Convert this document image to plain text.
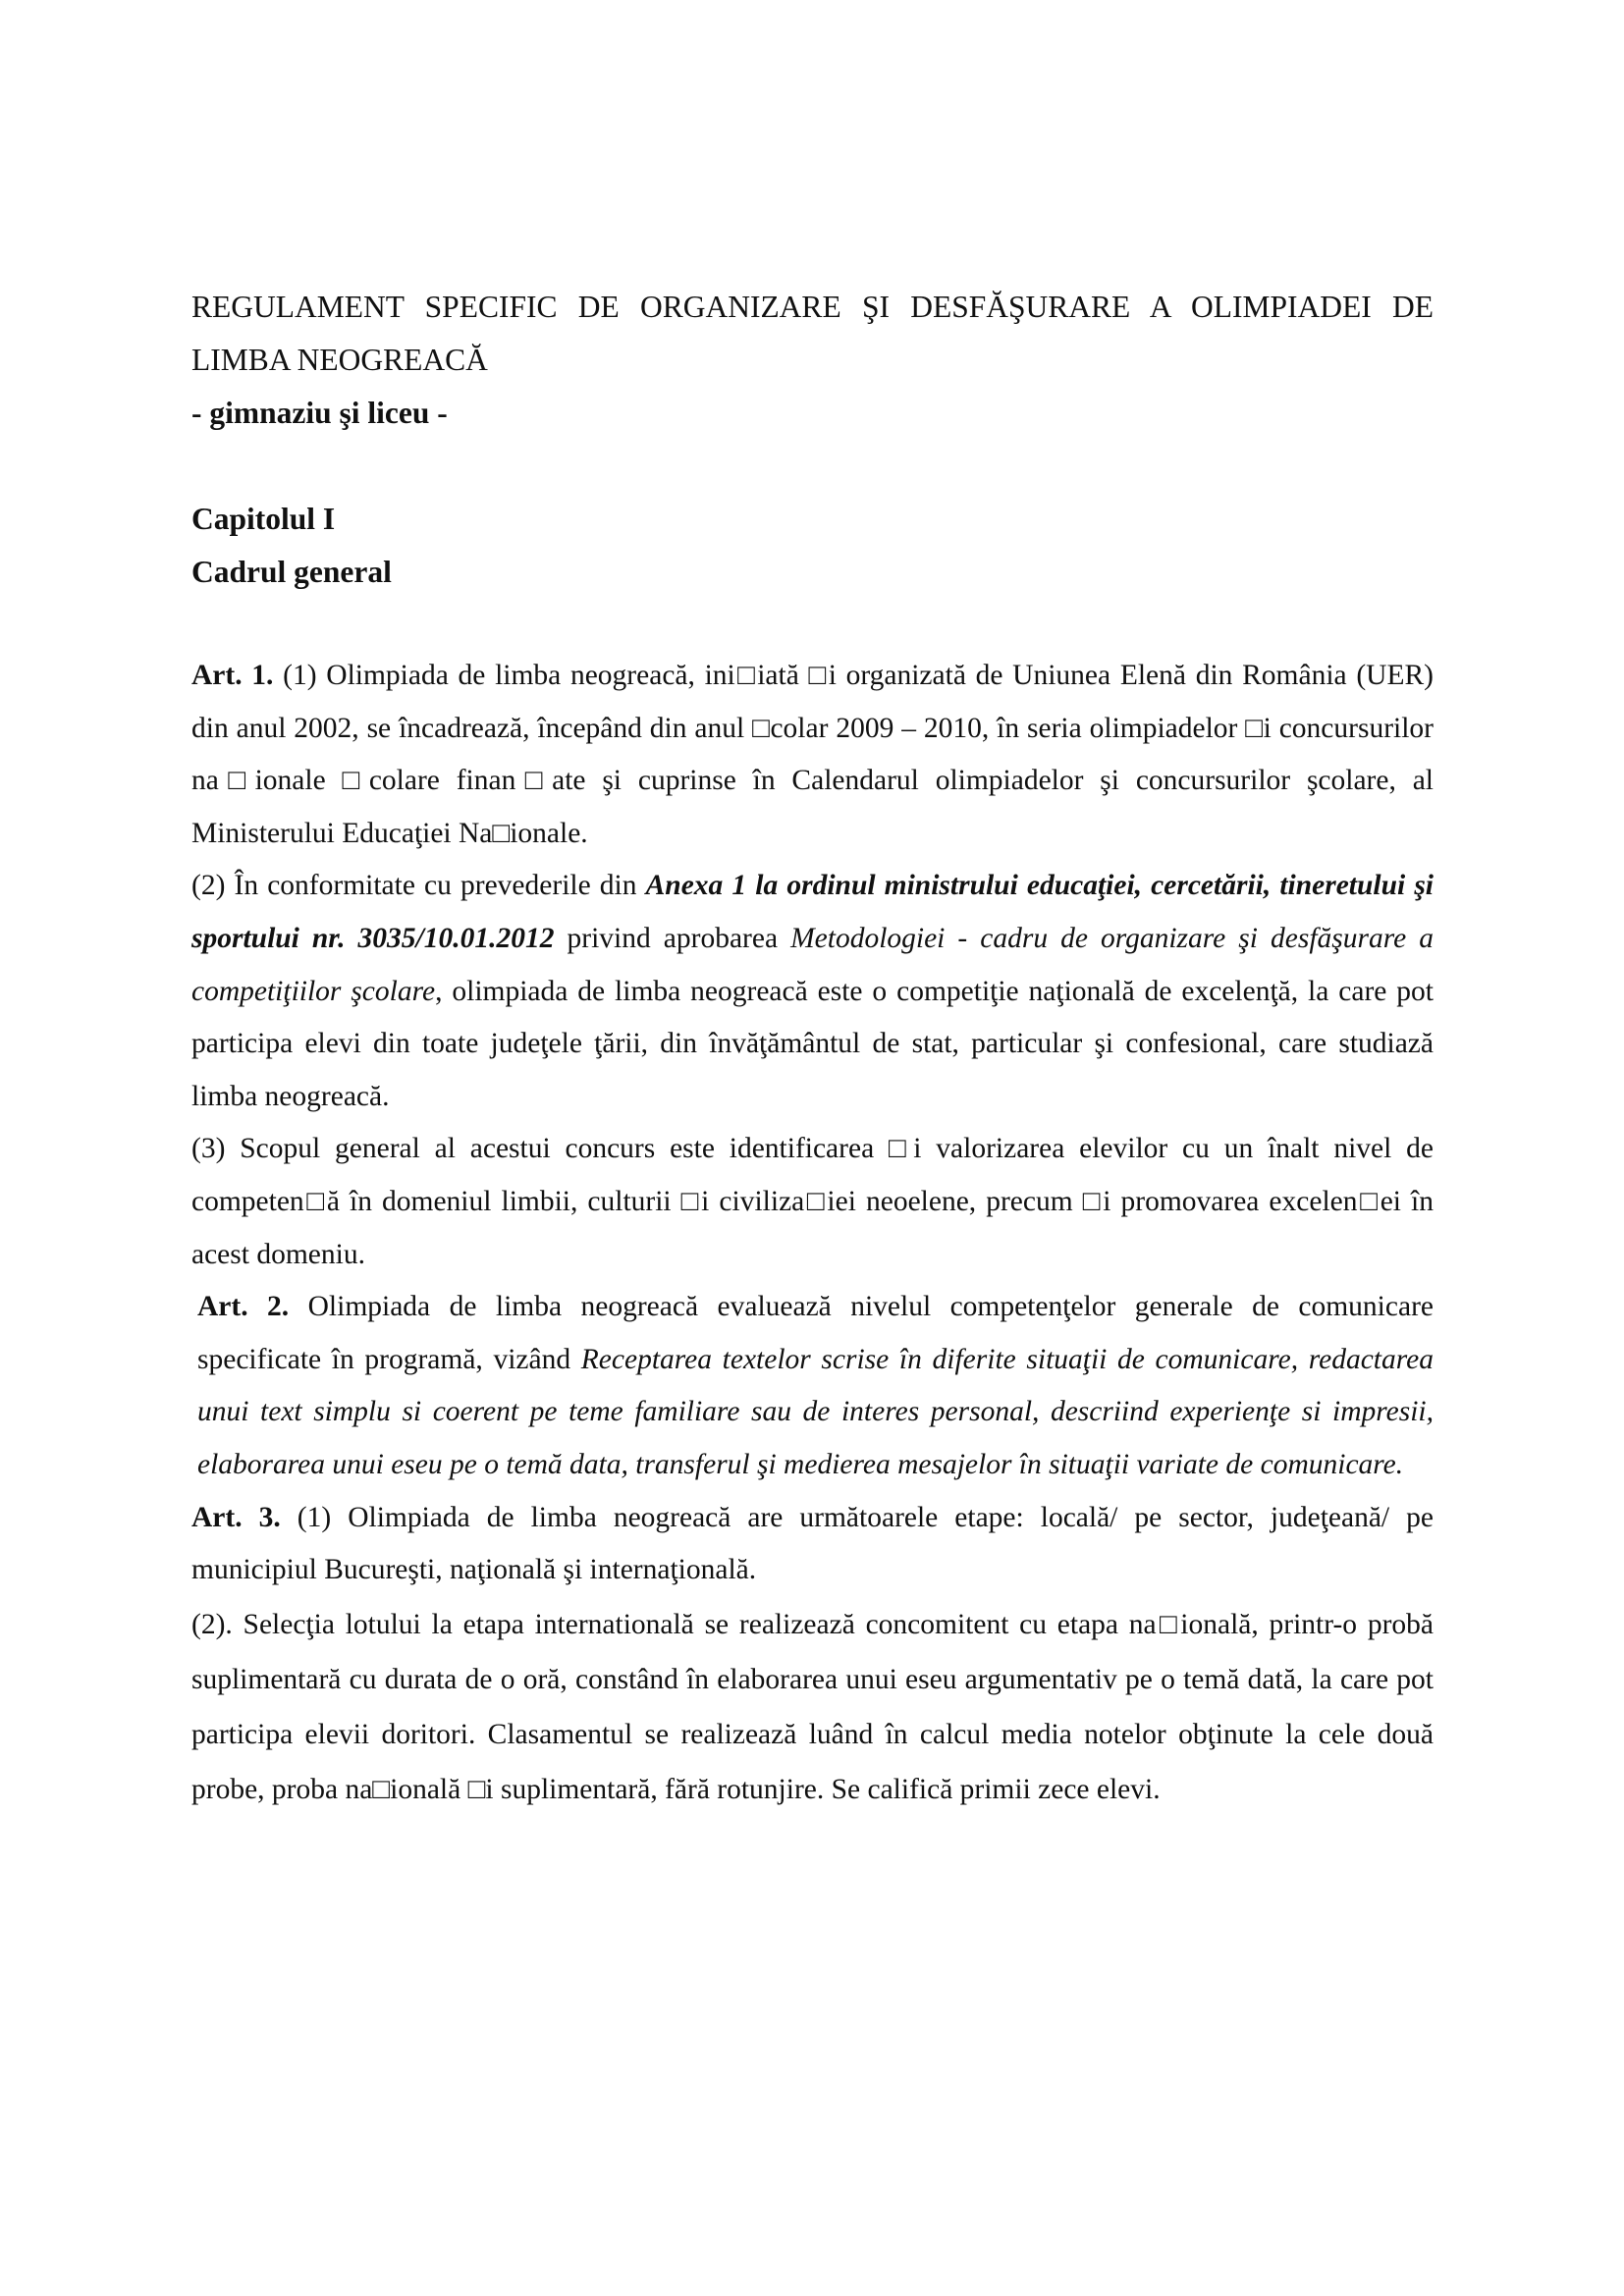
REGULAMENT SPECIFIC DE ORGANIZARE ŞI DESFĂŞURARE A OLIMPIADEI DE LIMBA NEOGREACĂ
- gimnaziu şi liceu -
Capitolul I
Cadrul general

Art. 1. (1) Olimpiada de limba neogreacă, ini□iată □i organizată de Uniunea Elenă din România (UER) din anul 2002, se încadrează, începând din anul □colar 2009 – 2010, în seria olimpiadelor □i concursurilor na□ionale □colare finan□ate şi cuprinse în Calendarul olimpiadelor şi concursurilor şcolare, al Ministerului Educaţiei Na□ionale.

(2) În conformitate cu prevederile din Anexa 1 la ordinul ministrului educaţiei, cercetării, tineretului şi sportului nr. 3035/10.01.2012 privind aprobarea Metodologiei - cadru de organizare şi desfăşurare a competiţiilor şcolare, olimpiada de limba neogreacă este o competiţie naţională de excelenţă, la care pot participa elevi din toate judeţele ţării, din învăţământul de stat, particular şi confesional, care studiază limba neogreacă.

(3) Scopul general al acestui concurs este identificarea □i valorizarea elevilor cu un înalt nivel de competen□ă în domeniul limbii, culturii □i civiliza□iei neoelene, precum □i promovarea excelen□ei în acest domeniu.

Art. 2. Olimpiada de limba neogreacă evaluează nivelul competenţelor generale de comunicare specificate în programă, vizând Receptarea textelor scrise în diferite situaţii de comunicare, redactarea unui text simplu si coerent pe teme familiare sau de interes personal, descriind experienţe si impresii, elaborarea unui eseu pe o temă data, transferul şi medierea mesajelor în situaţii variate de comunicare.

Art. 3. (1) Olimpiada de limba neogreacă are următoarele etape: locală/ pe sector, judeţeană/ pe municipiul Bucureşti, naţională şi internaţională.

(2). Selecţia lotului la etapa internatională se realizează concomitent cu etapa na□ională, printr-o probă suplimentară cu durata de o oră, constând în elaborarea unui eseu argumentativ pe o temă dată, la care pot participa elevii doritori. Clasamentul se realizează luând în calcul media notelor obţinute la cele două probe, proba na□ională □i suplimentară, fără rotunjire. Se califică primii zece elevi.
